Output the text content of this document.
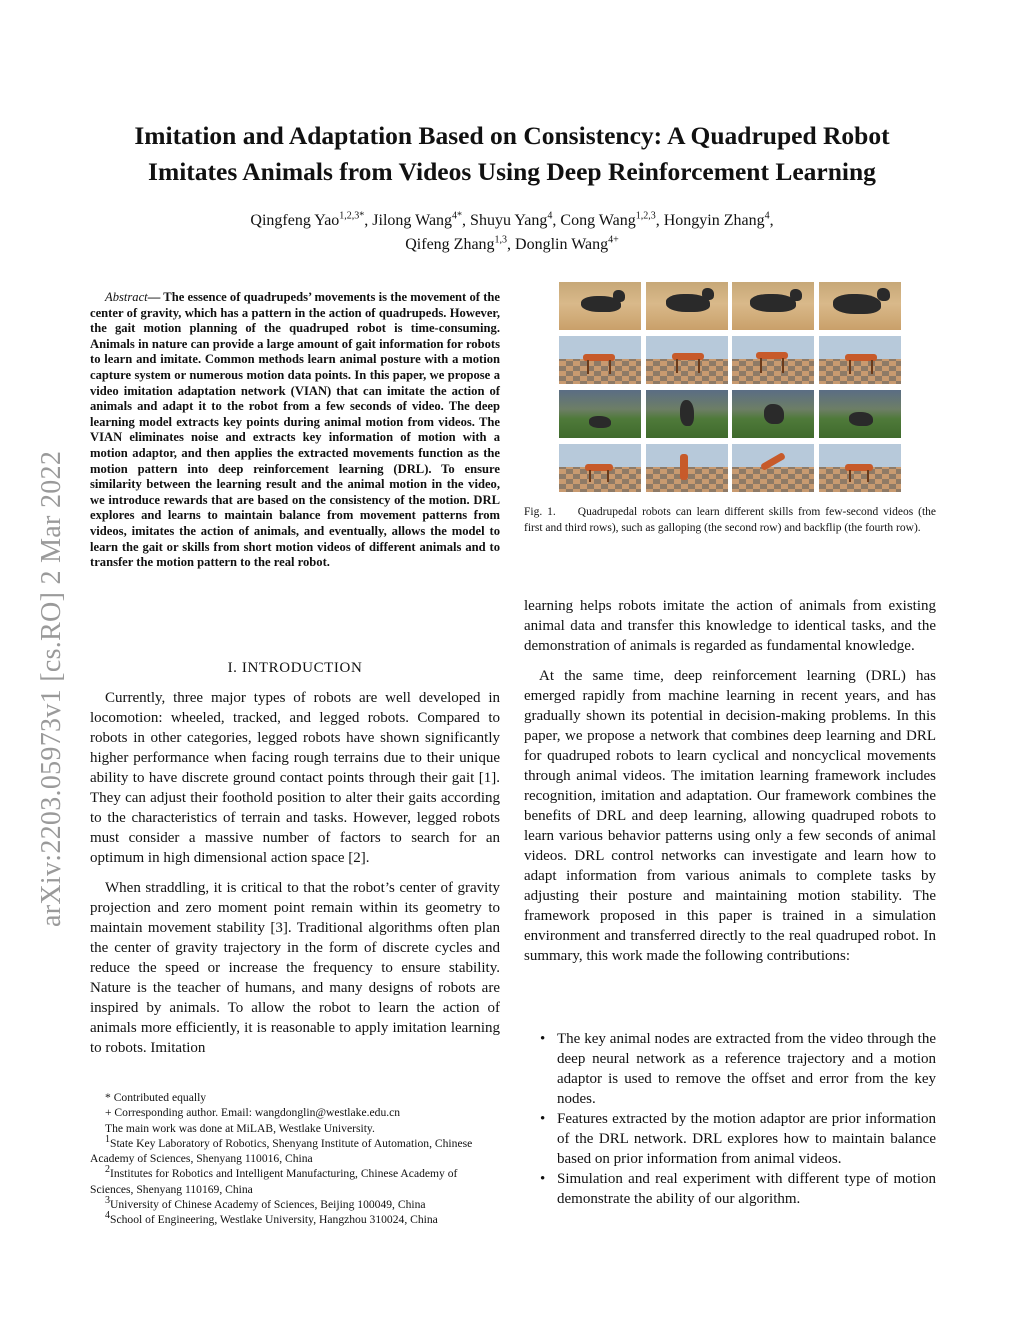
Imitation and Adaptation Based on Consistency: A Quadruped Robot
Imitates Animals from Videos Using Deep Reinforcement Learning

Qingfeng Yao$^{1,2,3*}$, Jilong Wang$^{4*}$, Shuyu Yang$^4$, Cong Wang$^{1,2,3}$, Hongyin Zhang$^4$,

Qifeng Zhang$^{1,3}$, Donglin Wang$^{4+}$

arXiv:2203.05973v1 [cs.RO] 2 Mar 2022
Abstract— The essence of quadrupeds’ movements is the movement of the center of gravity, which has a pattern in the action of quadrupeds. However, the gait motion planning of the quadruped robot is time-consuming. Animals in nature can provide a large amount of gait information for robots to learn and imitate. Common methods learn animal posture with a motion capture system or numerous motion data points. In this paper, we propose a video imitation adaptation network (VIAN) that can imitate the action of animals and adapt it to the robot from a few seconds of video. The deep learning model extracts key points during animal motion from videos. The VIAN eliminates noise and extracts key information of motion with a motion adaptor, and then applies the extracted movements function as the motion pattern into deep reinforcement learning (DRL). To ensure similarity between the learning result and the animal motion in the video, we introduce rewards that are based on the consistency of the motion. DRL explores and learns to maintain balance from movement patterns from videos, imitates the action of animals, and eventually, allows the model to learn the gait or skills from short motion videos of different animals and to transfer the motion pattern to the real robot.
I. INTRODUCTION

Currently, three major types of robots are well developed in locomotion: wheeled, tracked, and legged robots. Compared to robots in other categories, legged robots have shown significantly higher performance when facing rough terrains due to their unique ability to have discrete ground contact points through their gait [1]. They can adjust their foothold position to alter their gaits according to the characteristics of terrain and tasks. However, legged robots must consider a massive number of factors to search for an optimum in high dimensional action space [2].

When straddling, it is critical to that the robot’s center of gravity projection and zero moment point remain within its geometry to maintain movement stability [3]. Traditional algorithms often plan the center of gravity trajectory in the form of discrete cycles and reduce the speed or increase the frequency to ensure stability. Nature is the teacher of humans, and many designs of robots are inspired by animals. To allow the robot to learn the action of animals more efficiently, it is reasonable to apply imitation learning to robots. Imitation

* Contributed equally
+ Corresponding author. Email: wangdonglin@westlake.edu.cn
The main work was done at MiLAB, Westlake University.
$^1$State Key Laboratory of Robotics, Shenyang Institute of Automation, Chinese Academy of Sciences, Shenyang 110016, China
$^2$Institutes for Robotics and Intelligent Manufacturing, Chinese Academy of Sciences, Shenyang 110169, China
$^3$University of Chinese Academy of Sciences, Beijing 100049, China
$^4$School of Engineering, Westlake University, Hangzhou 310024, China
Fig. 1. Quadrupedal robots can learn different skills from few-second videos (the first and third rows), such as galloping (the second row) and backflip (the fourth row).

learning helps robots imitate the action of animals from existing animal data and transfer this knowledge to identical tasks, and the demonstration of animals is regarded as fundamental knowledge.

At the same time, deep reinforcement learning (DRL) has emerged rapidly from machine learning in recent years, and has gradually shown its potential in decision-making problems. In this paper, we propose a network that combines deep learning and DRL for quadruped robots to learn cyclical and noncyclical movements through animal videos. The imitation learning framework includes recognition, imitation and adaptation. Our framework combines the benefits of DRL and deep learning, allowing quadruped robots to learn various behavior patterns using only a few seconds of animal videos. DRL control networks can investigate and learn how to adapt information from various animals to complete tasks by adjusting their posture and maintaining motion stability. The framework proposed in this paper is trained in a simulation environment and transferred directly to the real quadruped robot. In summary, this work made the following contributions:

• The key animal nodes are extracted from the video through the deep neural network as a reference trajectory and a motion adaptor is used to remove the offset and error from the key nodes.
• Features extracted by the motion adaptor are prior information of the DRL network. DRL explores how to maintain balance based on prior information from animal videos.
• Simulation and real experiment with different type of motion demonstrate the ability of our algorithm.
